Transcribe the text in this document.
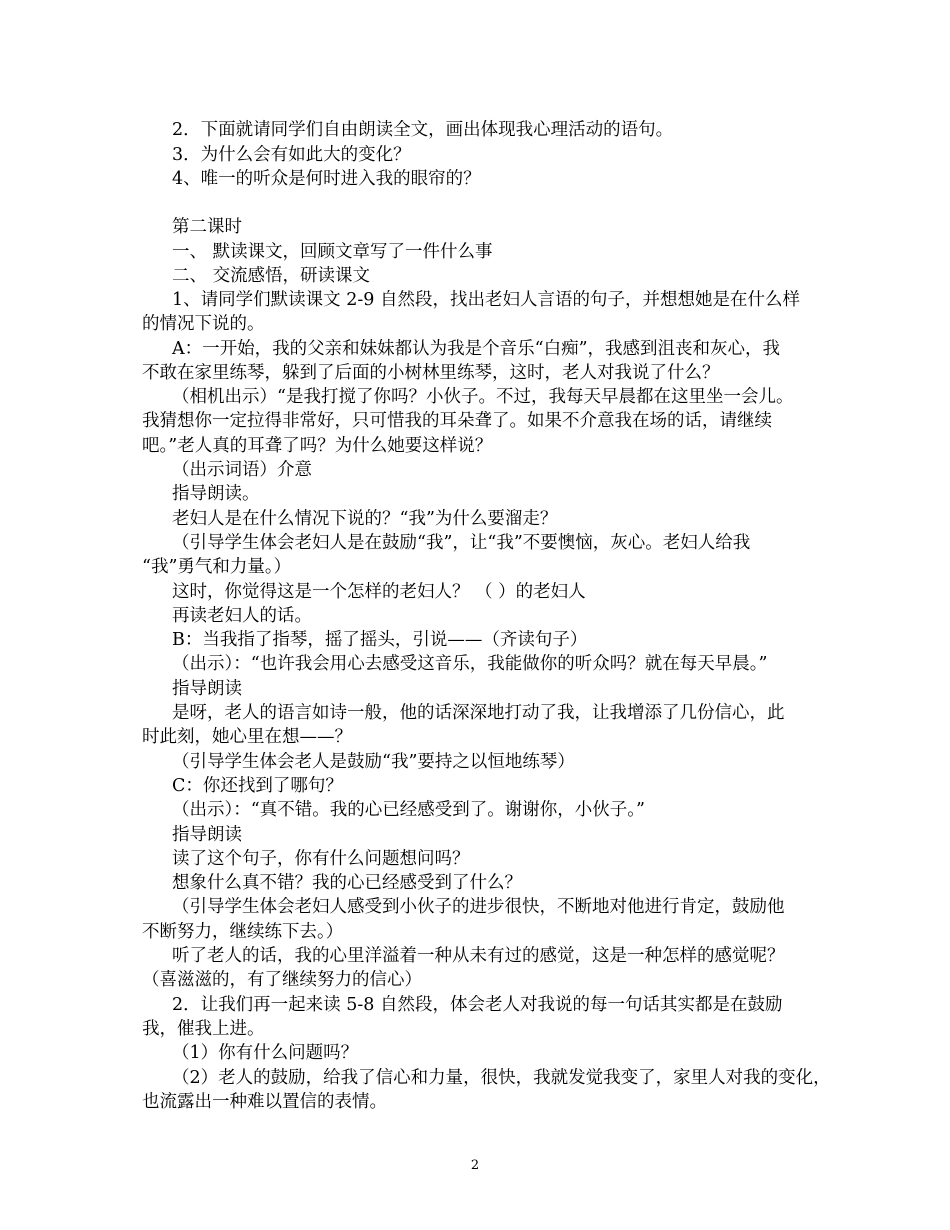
2．下面就请同学们自由朗读全文，画出体现我心理活动的语句。
3．为什么会有如此大的变化？
4、唯一的听众是何时进入我的眼帘的？
第二课时
一、 默读课文，回顾文章写了一件什么事
二、 交流感悟，研读课文
1、请同学们默读课文 2-9 自然段，找出老妇人言语的句子，并想想她是在什么样
的情况下说的。
A：一开始，我的父亲和妹妹都认为我是个音乐“白痴”，我感到沮丧和灰心，我
不敢在家里练琴，躲到了后面的小树林里练琴，这时，老人对我说了什么？
（相机出示）“是我打搅了你吗？小伙子。不过，我每天早晨都在这里坐一会儿。
我猜想你一定拉得非常好，只可惜我的耳朵聋了。如果不介意我在场的话，请继续
吧。”老人真的耳聋了吗？为什么她要这样说？
（出示词语）介意
指导朗读。
老妇人是在什么情况下说的？“我”为什么要溜走？
（引导学生体会老妇人是在鼓励“我”，让“我”不要懊恼，灰心。老妇人给我
“我”勇气和力量。）
这时，你觉得这是一个怎样的老妇人？ （ ）的老妇人
再读老妇人的话。
B：当我指了指琴，摇了摇头，引说——（齐读句子）
（出示）：“也许我会用心去感受这音乐，我能做你的听众吗？就在每天早晨。”
指导朗读
是呀，老人的语言如诗一般，他的话深深地打动了我，让我增添了几份信心，此
时此刻，她心里在想——？
（引导学生体会老人是鼓励“我”要持之以恒地练琴）
C：你还找到了哪句？
（出示）：“真不错。我的心已经感受到了。谢谢你，小伙子。”
指导朗读
读了这个句子，你有什么问题想问吗？
想象什么真不错？我的心已经感受到了什么？
（引导学生体会老妇人感受到小伙子的进步很快，不断地对他进行肯定，鼓励他
不断努力，继续练下去。）
听了老人的话，我的心里洋溢着一种从未有过的感觉，这是一种怎样的感觉呢？
（喜滋滋的，有了继续努力的信心）
2．让我们再一起来读 5-8 自然段，体会老人对我说的每一句话其实都是在鼓励
我，催我上进。
（1）你有什么问题吗？
（2）老人的鼓励，给我了信心和力量，很快，我就发觉我变了，家里人对我的变化，
也流露出一种难以置信的表情。
2
